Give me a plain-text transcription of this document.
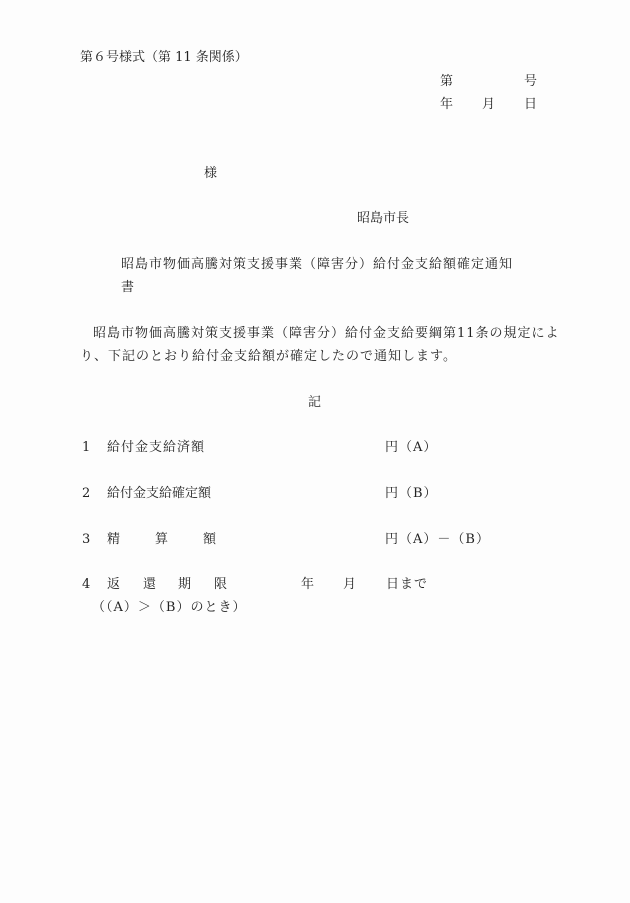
第６号様式（第 11 条関係）
第	号
年 月 日
様
昭島市長
昭島市物価高騰対策支援事業（障害分）給付金支給額確定通知
書
昭島市物価高騰対策支援事業（障害分）給付金支給要綱第11条の規定によ
り、下記のとおり給付金支給額が確定したので通知します。
記
1 給付金支給済額	円（A）
2 給付金支給確定額	円（B）
3 精	算	額	円（A）－（B）
4 返 還 期 限	年 月 日まで
（（A）＞（B）のとき）
